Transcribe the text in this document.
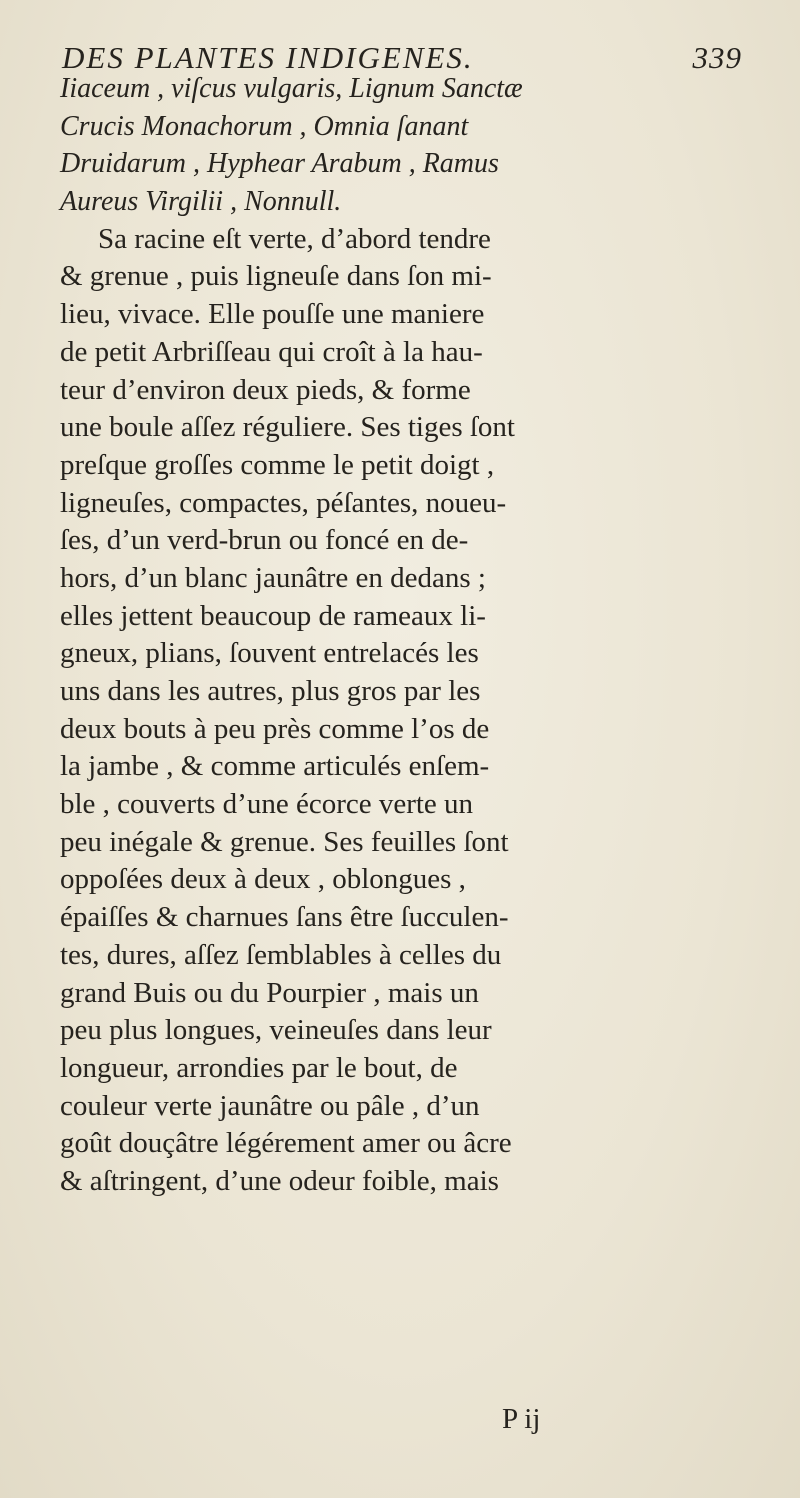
DES PLANTES INDIGENES.	339
Iiaceum , viſcus vulgaris, Lignum Sanctæ
Crucis Monachorum , Omnia ſanant
Druidarum , Hyphear Arabum , Ramus
Aureus Virgilii , Nonnull.
Sa racine eſt verte, d’abord tendre
& grenue , puis ligneuſe dans ſon mi-
lieu, vivace. Elle pouſſe une maniere
de petit Arbriſſeau qui croît à la hau-
teur d’environ deux pieds, & forme
une boule aſſez réguliere. Ses tiges ſont
preſque groſſes comme le petit doigt ,
ligneuſes, compactes, péſantes, noueu-
ſes, d’un verd-brun ou foncé en de-
hors, d’un blanc jaunâtre en dedans ;
elles jettent beaucoup de rameaux li-
gneux, plians, ſouvent entrelacés les
uns dans les autres, plus gros par les
deux bouts à peu près comme l’os de
la jambe , & comme articulés enſem-
ble , couverts d’une écorce verte un
peu inégale & grenue. Ses feuilles ſont
oppoſées deux à deux , oblongues ,
épaiſſes & charnues ſans être ſucculen-
tes, dures, aſſez ſemblables à celles du
grand Buis ou du Pourpier , mais un
peu plus longues, veineuſes dans leur
longueur, arrondies par le bout, de
couleur verte jaunâtre ou pâle , d’un
goût douçâtre légérement amer ou âcre
& aſtringent, d’une odeur foible, mais
P ij
